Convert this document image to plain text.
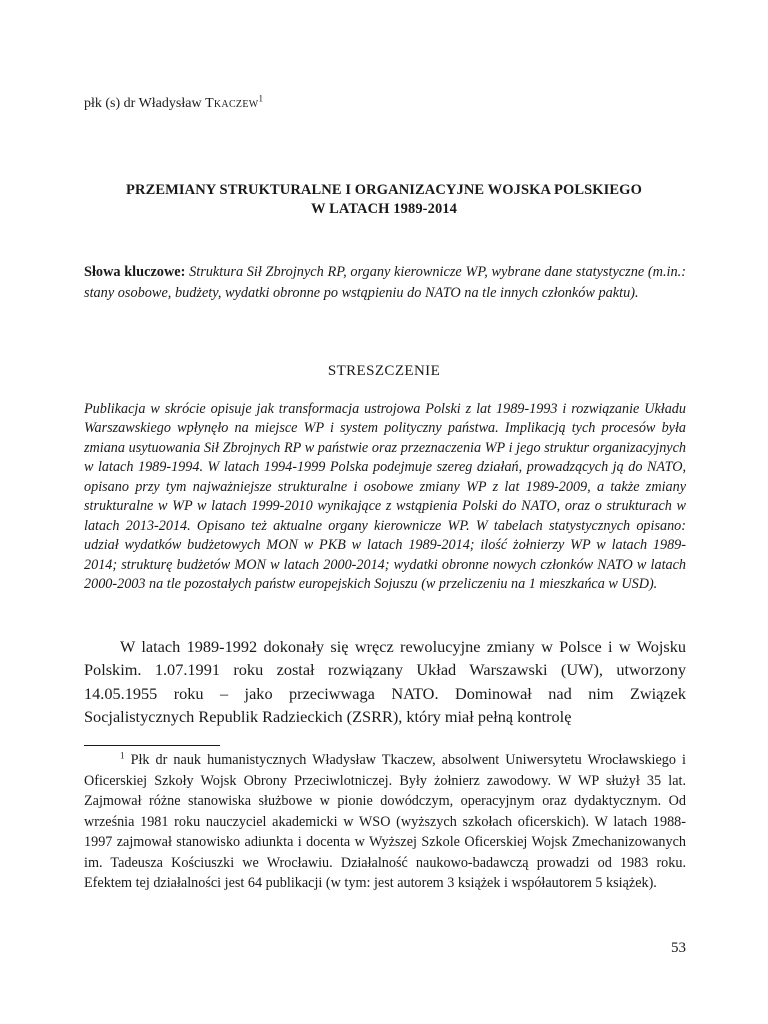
płk (s) dr Władysław Tkaczew$^1$
PRZEMIANY STRUKTURALNE I ORGANIZACYJNE WOJSKA POLSKIEGO
W LATACH 1989-2014
Słowa kluczowe: Struktura Sił Zbrojnych RP, organy kierownicze WP, wybrane dane statystyczne (m.in.: stany osobowe, budżety, wydatki obronne po wstąpieniu do NATO na tle innych członków paktu).
STRESZCZENIE
Publikacja w skrócie opisuje jak transformacja ustrojowa Polski z lat 1989-1993 i rozwiązanie Układu Warszawskiego wpłynęło na miejsce WP i system polityczny państwa. Implikacją tych procesów była zmiana usytuowania Sił Zbrojnych RP w państwie oraz przeznaczenia WP i jego struktur organizacyjnych w latach 1989-1994. W latach 1994-1999 Polska podejmuje szereg działań, prowadzących ją do NATO, opisano przy tym najważniejsze strukturalne i osobowe zmiany WP z lat 1989-2009, a także zmiany strukturalne w WP w latach 1999-2010 wynikające z wstąpienia Polski do NATO, oraz o strukturach w latach 2013-2014. Opisano też aktualne organy kierownicze WP. W tabelach statystycznych opisano: udział wydatków budżetowych MON w PKB w latach 1989-2014; ilość żołnierzy WP w latach 1989-2014; strukturę budżetów MON w latach 2000-2014; wydatki obronne nowych członków NATO w latach 2000-2003 na tle pozostałych państw europejskich Sojuszu (w przeliczeniu na 1 mieszkańca w USD).
W latach 1989-1992 dokonały się wręcz rewolucyjne zmiany w Polsce i w Wojsku Polskim. 1.07.1991 roku został rozwiązany Układ Warszawski (UW), utworzony 14.05.1955 roku – jako przeciwwaga NATO. Dominował nad nim Związek Socjalistycznych Republik Radzieckich (ZSRR), który miał pełną kontrolę
$^1$ Płk dr nauk humanistycznych Władysław Tkaczew, absolwent Uniwersytetu Wrocławskiego i Oficerskiej Szkoły Wojsk Obrony Przeciwlotniczej. Były żołnierz zawodowy. W WP służył 35 lat. Zajmował różne stanowiska służbowe w pionie dowódczym, operacyjnym oraz dydaktycznym. Od września 1981 roku nauczyciel akademicki w WSO (wyższych szkołach oficerskich). W latach 1988-1997 zajmował stanowisko adiunkta i docenta w Wyższej Szkole Oficerskiej Wojsk Zmechanizowanych im. Tadeusza Kościuszki we Wrocławiu. Działalność naukowo-badawczą prowadzi od 1983 roku. Efektem tej działalności jest 64 publikacji (w tym: jest autorem 3 książek i współautorem 5 książek).
53
